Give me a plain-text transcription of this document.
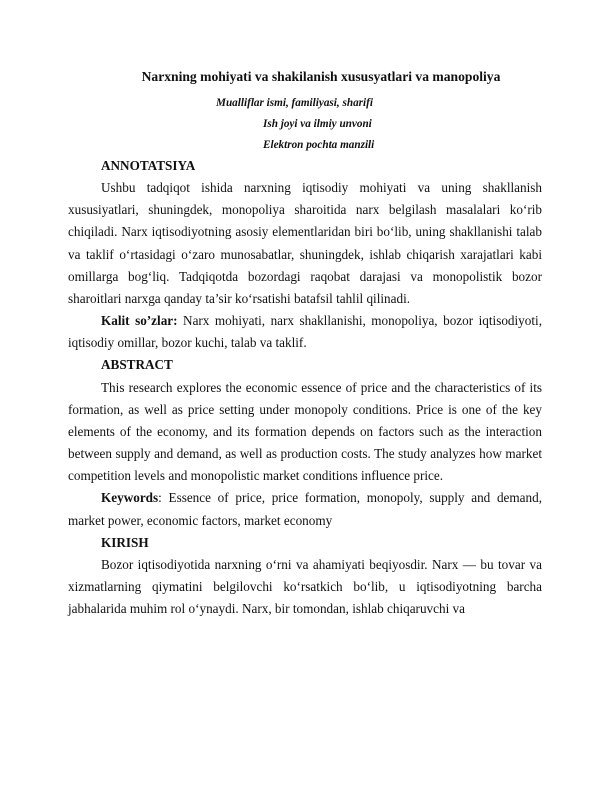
Narxning mohiyati va shakilanish xususyatlari va manopoliya
Mualliflar ismi, familiyasi, sharifi
Ish joyi va ilmiy unvoni
Elektron pochta manzili

ANNOTATSIYA

Ushbu tadqiqot ishida narxning iqtisodiy mohiyati va uning shakllanish xususiyatlari, shuningdek, monopoliya sharoitida narx belgilash masalalari ko‘rib chiqiladi. Narx iqtisodiyotning asosiy elementlaridan biri bo‘lib, uning shakllanishi talab va taklif o‘rtasidagi o‘zaro munosabatlar, shuningdek, ishlab chiqarish xarajatlari kabi omillarga bog‘liq. Tadqiqotda bozordagi raqobat darajasi va monopolistik bozor sharoitlari narxga qanday ta’sir ko‘rsatishi batafsil tahlil qilinadi.

Kalit so’zlar: Narx mohiyati, narx shakllanishi, monopoliya, bozor iqtisodiyoti, iqtisodiy omillar, bozor kuchi, talab va taklif.

ABSTRACT

This research explores the economic essence of price and the characteristics of its formation, as well as price setting under monopoly conditions. Price is one of the key elements of the economy, and its formation depends on factors such as the interaction between supply and demand, as well as production costs. The study analyzes how market competition levels and monopolistic market conditions influence price.

Keywords: Essence of price, price formation, monopoly, supply and demand, market power, economic factors, market economy

KIRISH

Bozor iqtisodiyotida narxning o‘rni va ahamiyati beqiyosdir. Narx — bu tovar va xizmatlarning qiymatini belgilovchi ko‘rsatkich bo‘lib, u iqtisodiyotning barcha jabhalarida muhim rol o‘ynaydi. Narx, bir tomondan, ishlab chiqaruvchi va
